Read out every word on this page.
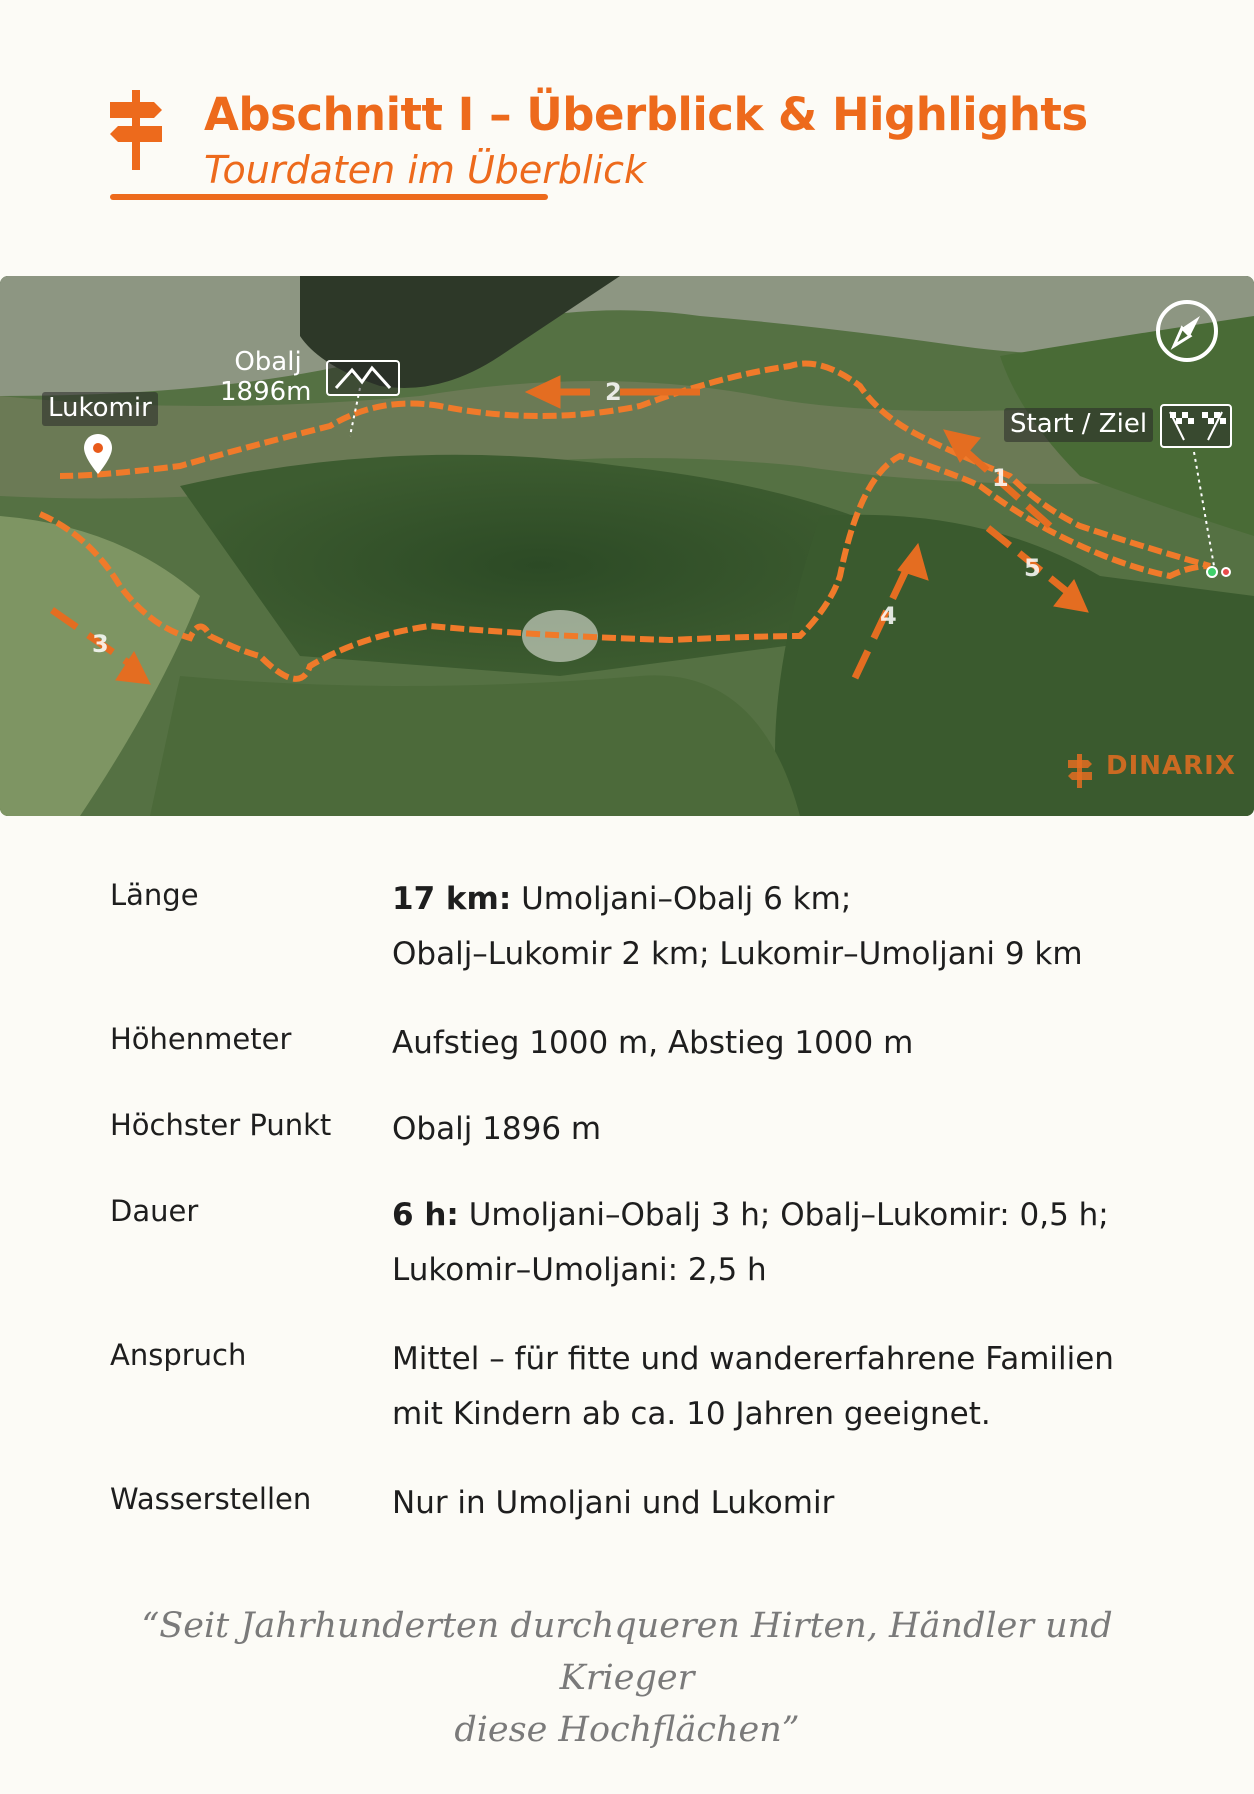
Abschnitt I – Überblick & Highlights
Tourdaten im Überblick
2
1
3
4
5
Lukomir
Obalj
1896m
Start / Ziel
DINARIX
Länge	17 km: Umoljani–Obalj 6 km;
Obalj–Lukomir 2 km; Lukomir–Umoljani 9 km
Höhenmeter	Aufstieg 1000 m, Abstieg 1000 m
Höchster Punkt	Obalj 1896 m
Dauer	6 h: Umoljani–Obalj 3 h; Obalj–Lukomir: 0,5 h;
Lukomir–Umoljani: 2,5 h
Anspruch	Mittel – für fitte und wandererfahrene Familien
mit Kindern ab ca. 10 Jahren geeignet.
Wasserstellen	Nur in Umoljani und Lukomir
“Seit Jahrhunderten durchqueren Hirten, Händler und Krieger
diese Hochflächen”
